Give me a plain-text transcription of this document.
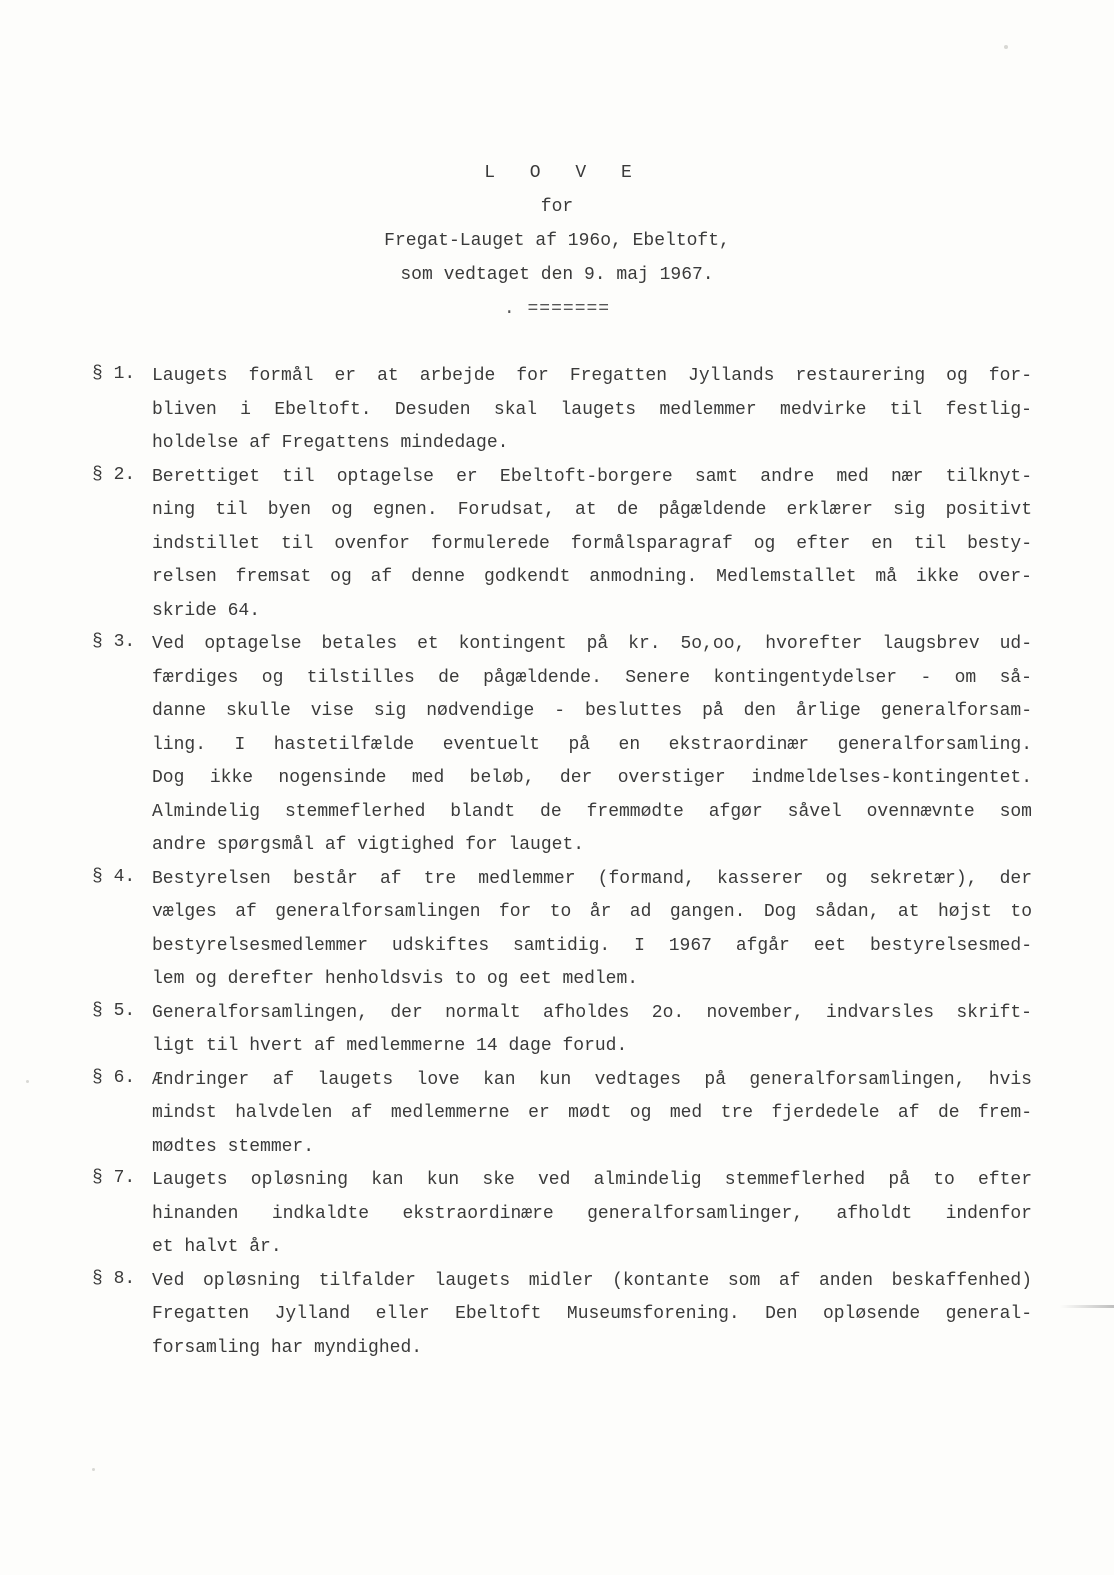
L O V E
for
Fregat-Lauget af 196o, Ebeltoft,
som vedtaget den 9. maj 1967.
. =======
§ 1. Laugets formål er at arbejde for Fregatten Jyllands restaurering og for-
bliven i Ebeltoft. Desuden skal laugets medlemmer medvirke til festlig-
holdelse af Fregattens mindedage.
§ 2. Berettiget til optagelse er Ebeltoft-borgere samt andre med nær tilknyt-
ning til byen og egnen. Forudsat, at de pågældende erklærer sig positivt
indstillet til ovenfor formulerede formålsparagraf og efter en til besty-
relsen fremsat og af denne godkendt anmodning. Medlemstallet må ikke over-
skride 64.
§ 3. Ved optagelse betales et kontingent på kr. 5o,oo, hvorefter laugsbrev ud-
færdiges og tilstilles de pågældende. Senere kontingentydelser - om så-
danne skulle vise sig nødvendige - besluttes på den årlige generalforsam-
ling. I hastetilfælde eventuelt på en ekstraordinær generalforsamling.
Dog ikke nogensinde med beløb, der overstiger indmeldelses-kontingentet.
Almindelig stemmeflerhed blandt de fremmødte afgør såvel ovennævnte som
andre spørgsmål af vigtighed for lauget.
§ 4. Bestyrelsen består af tre medlemmer (formand, kasserer og sekretær), der
vælges af generalforsamlingen for to år ad gangen. Dog sådan, at højst to
bestyrelsesmedlemmer udskiftes samtidig. I 1967 afgår eet bestyrelsesmed-
lem og derefter henholdsvis to og eet medlem.
§ 5. Generalforsamlingen, der normalt afholdes 2o. november, indvarsles skrift-
ligt til hvert af medlemmerne 14 dage forud.
§ 6. Ændringer af laugets love kan kun vedtages på generalforsamlingen, hvis
mindst halvdelen af medlemmerne er mødt og med tre fjerdedele af de frem-
mødtes stemmer.
§ 7. Laugets opløsning kan kun ske ved almindelig stemmeflerhed på to efter
hinanden indkaldte ekstraordinære generalforsamlinger, afholdt indenfor
et halvt år.
§ 8. Ved opløsning tilfalder laugets midler (kontante som af anden beskaffenhed)
Fregatten Jylland eller Ebeltoft Museumsforening. Den opløsende general-
forsamling har myndighed.
